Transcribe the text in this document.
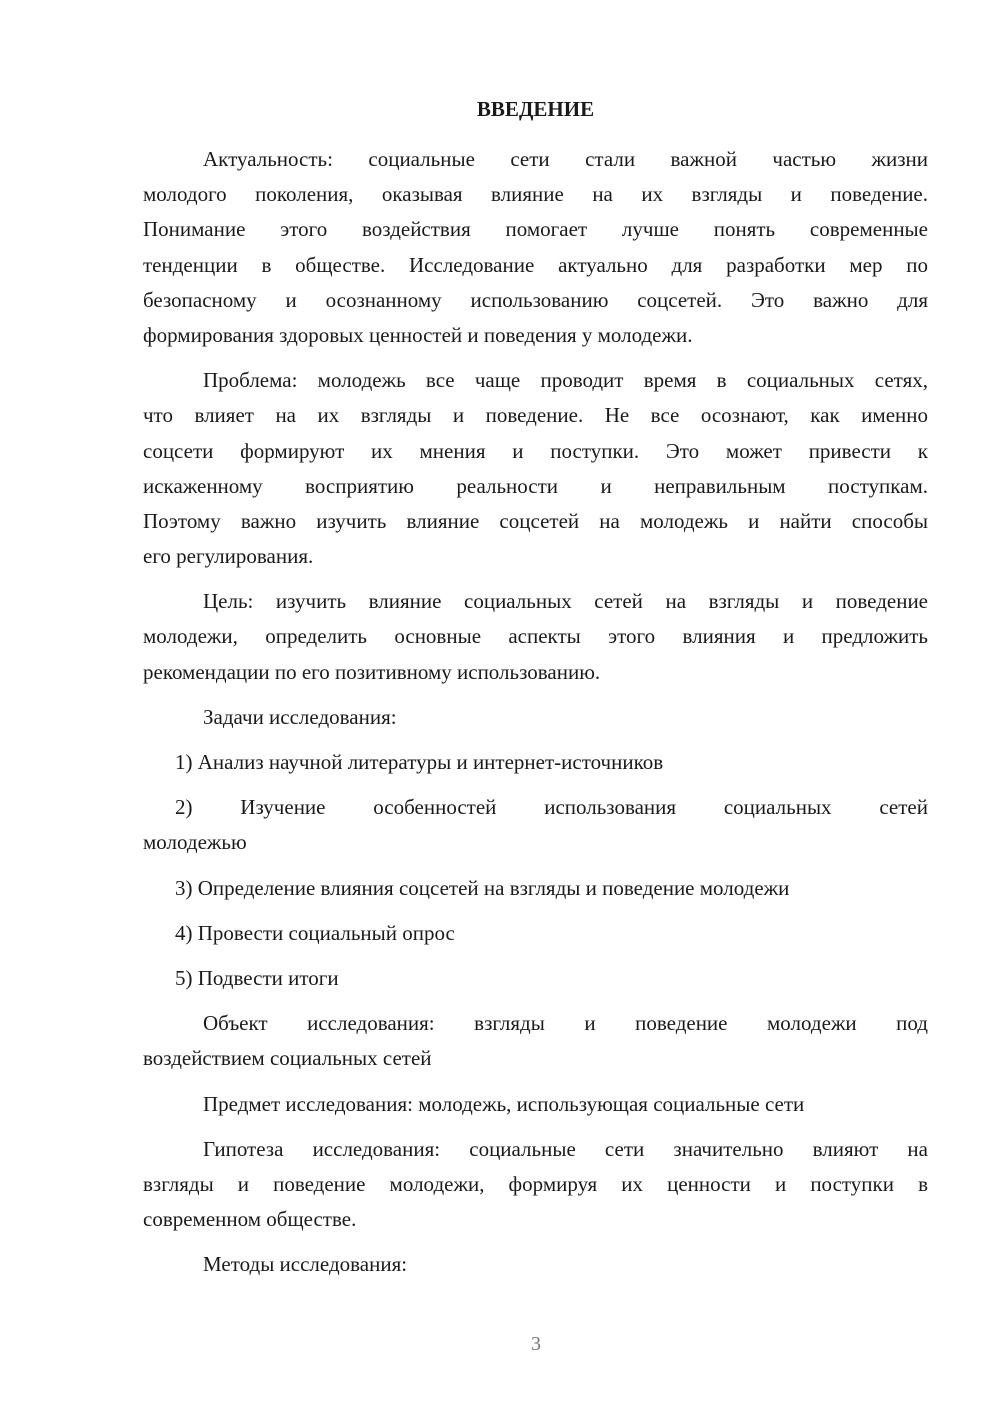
ВВЕДЕНИЕ
Актуальность: социальные сети стали важной частью жизни
молодого поколения, оказывая влияние на их взгляды и поведение.
Понимание этого воздействия помогает лучше понять современные
тенденции в обществе. Исследование актуально для разработки мер по
безопасному и осознанному использованию соцсетей. Это важно для
формирования здоровых ценностей и поведения у молодежи.
Проблема: молодежь все чаще проводит время в социальных сетях,
что влияет на их взгляды и поведение. Не все осознают, как именно
соцсети формируют их мнения и поступки. Это может привести к
искаженному восприятию реальности и неправильным поступкам.
Поэтому важно изучить влияние соцсетей на молодежь и найти способы
его регулирования.
Цель: изучить влияние социальных сетей на взгляды и поведение
молодежи, определить основные аспекты этого влияния и предложить
рекомендации по его позитивному использованию.
Задачи исследования:
1) Анализ научной литературы и интернет-источников
2) Изучение особенностей использования социальных сетей
молодежью
3) Определение влияния соцсетей на взгляды и поведение молодежи
4) Провести социальный опрос
5) Подвести итоги
Объект исследования: взгляды и поведение молодежи под
воздействием социальных сетей
Предмет исследования: молодежь, использующая социальные сети
Гипотеза исследования: социальные сети значительно влияют на
взгляды и поведение молодежи, формируя их ценности и поступки в
современном обществе.
Методы исследования:
3
